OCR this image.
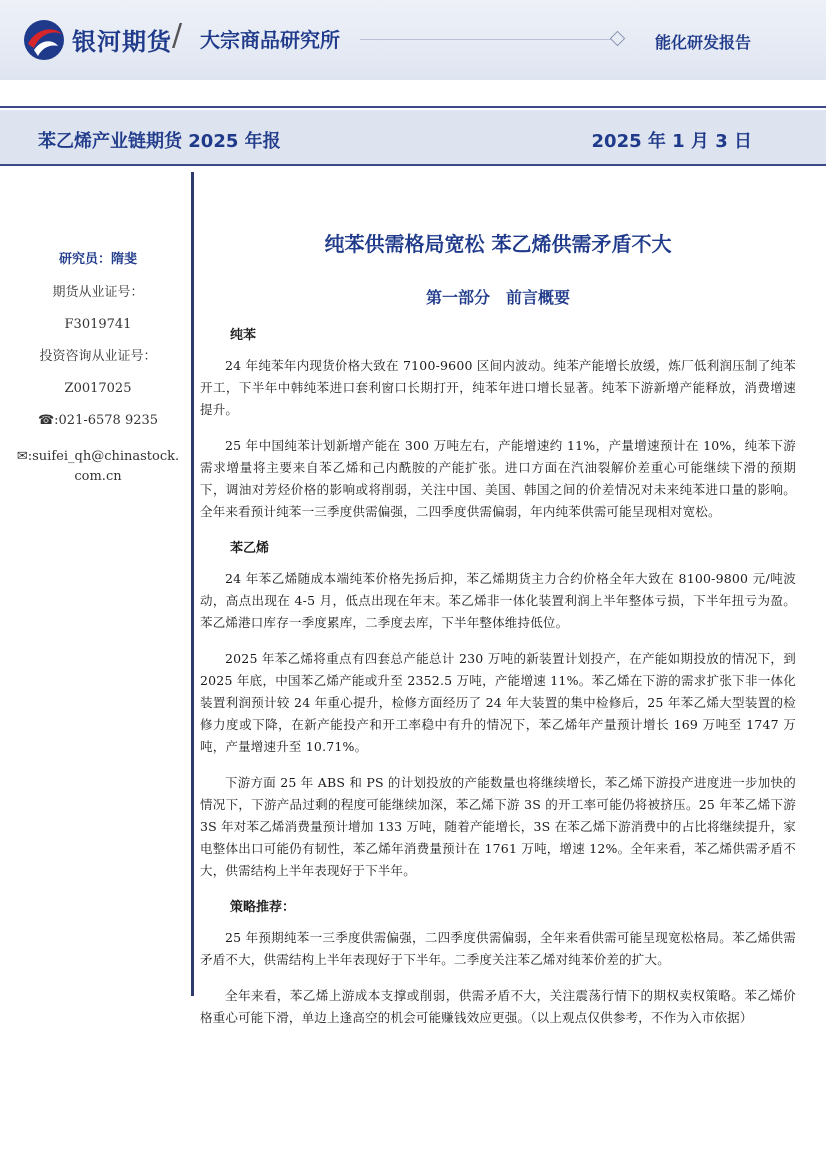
银河期货 / 大宗商品研究所	能化研发报告
苯乙烯产业链期货 2025 年报	2025 年 1 月 3 日
研究员：隋斐
期货从业证号：
F3019741
投资咨询从业证号：
Z0017025
☎:021-6578 9235
✉:suifei_qh@chinastock.com.cn
纯苯供需格局宽松 苯乙烯供需矛盾不大
第一部分　前言概要
纯苯

24 年纯苯年内现货价格大致在 7100-9600 区间内波动。纯苯产能增长放缓，炼厂低利润压制了纯苯开工，下半年中韩纯苯进口套利窗口长期打开，纯苯年进口增长显著。纯苯下游新增产能释放，消费增速提升。

25 年中国纯苯计划新增产能在 300 万吨左右，产能增速约 11%，产量增速预计在 10%，纯苯下游需求增量将主要来自苯乙烯和己内酰胺的产能扩张。进口方面在汽油裂解价差重心可能继续下滑的预期下，调油对芳烃价格的影响或将削弱，关注中国、美国、韩国之间的价差情况对未来纯苯进口量的影响。全年来看预计纯苯一三季度供需偏强，二四季度供需偏弱，年内纯苯供需可能呈现相对宽松。

苯乙烯

24 年苯乙烯随成本端纯苯价格先扬后抑，苯乙烯期货主力合约价格全年大致在 8100-9800 元/吨波动，高点出现在 4-5 月，低点出现在年末。苯乙烯非一体化装置利润上半年整体亏损，下半年扭亏为盈。苯乙烯港口库存一季度累库，二季度去库，下半年整体维持低位。

2025 年苯乙烯将重点有四套总产能总计 230 万吨的新装置计划投产，在产能如期投放的情况下，到 2025 年底，中国苯乙烯产能或升至 2352.5 万吨，产能增速 11%。苯乙烯在下游的需求扩张下非一体化装置利润预计较 24 年重心提升，检修方面经历了 24 年大装置的集中检修后，25 年苯乙烯大型装置的检修力度或下降，在新产能投产和开工率稳中有升的情况下，苯乙烯年产量预计增长 169 万吨至 1747 万吨，产量增速升至 10.71%。

下游方面 25 年 ABS 和 PS 的计划投放的产能数量也将继续增长，苯乙烯下游投产进度进一步加快的情况下，下游产品过剩的程度可能继续加深，苯乙烯下游 3S 的开工率可能仍将被挤压。25 年苯乙烯下游 3S 年对苯乙烯消费量预计增加 133 万吨，随着产能增长，3S 在苯乙烯下游消费中的占比将继续提升，家电整体出口可能仍有韧性，苯乙烯年消费量预计在 1761 万吨，增速 12%。全年来看，苯乙烯供需矛盾不大，供需结构上半年表现好于下半年。

策略推荐：

25 年预期纯苯一三季度供需偏强，二四季度供需偏弱，全年来看供需可能呈现宽松格局。苯乙烯供需矛盾不大，供需结构上半年表现好于下半年。二季度关注苯乙烯对纯苯价差的扩大。

全年来看，苯乙烯上游成本支撑或削弱，供需矛盾不大，关注震荡行情下的期权卖权策略。苯乙烯价格重心可能下滑，单边上逢高空的机会可能赚钱效应更强。（以上观点仅供参考，不作为入市依据）
